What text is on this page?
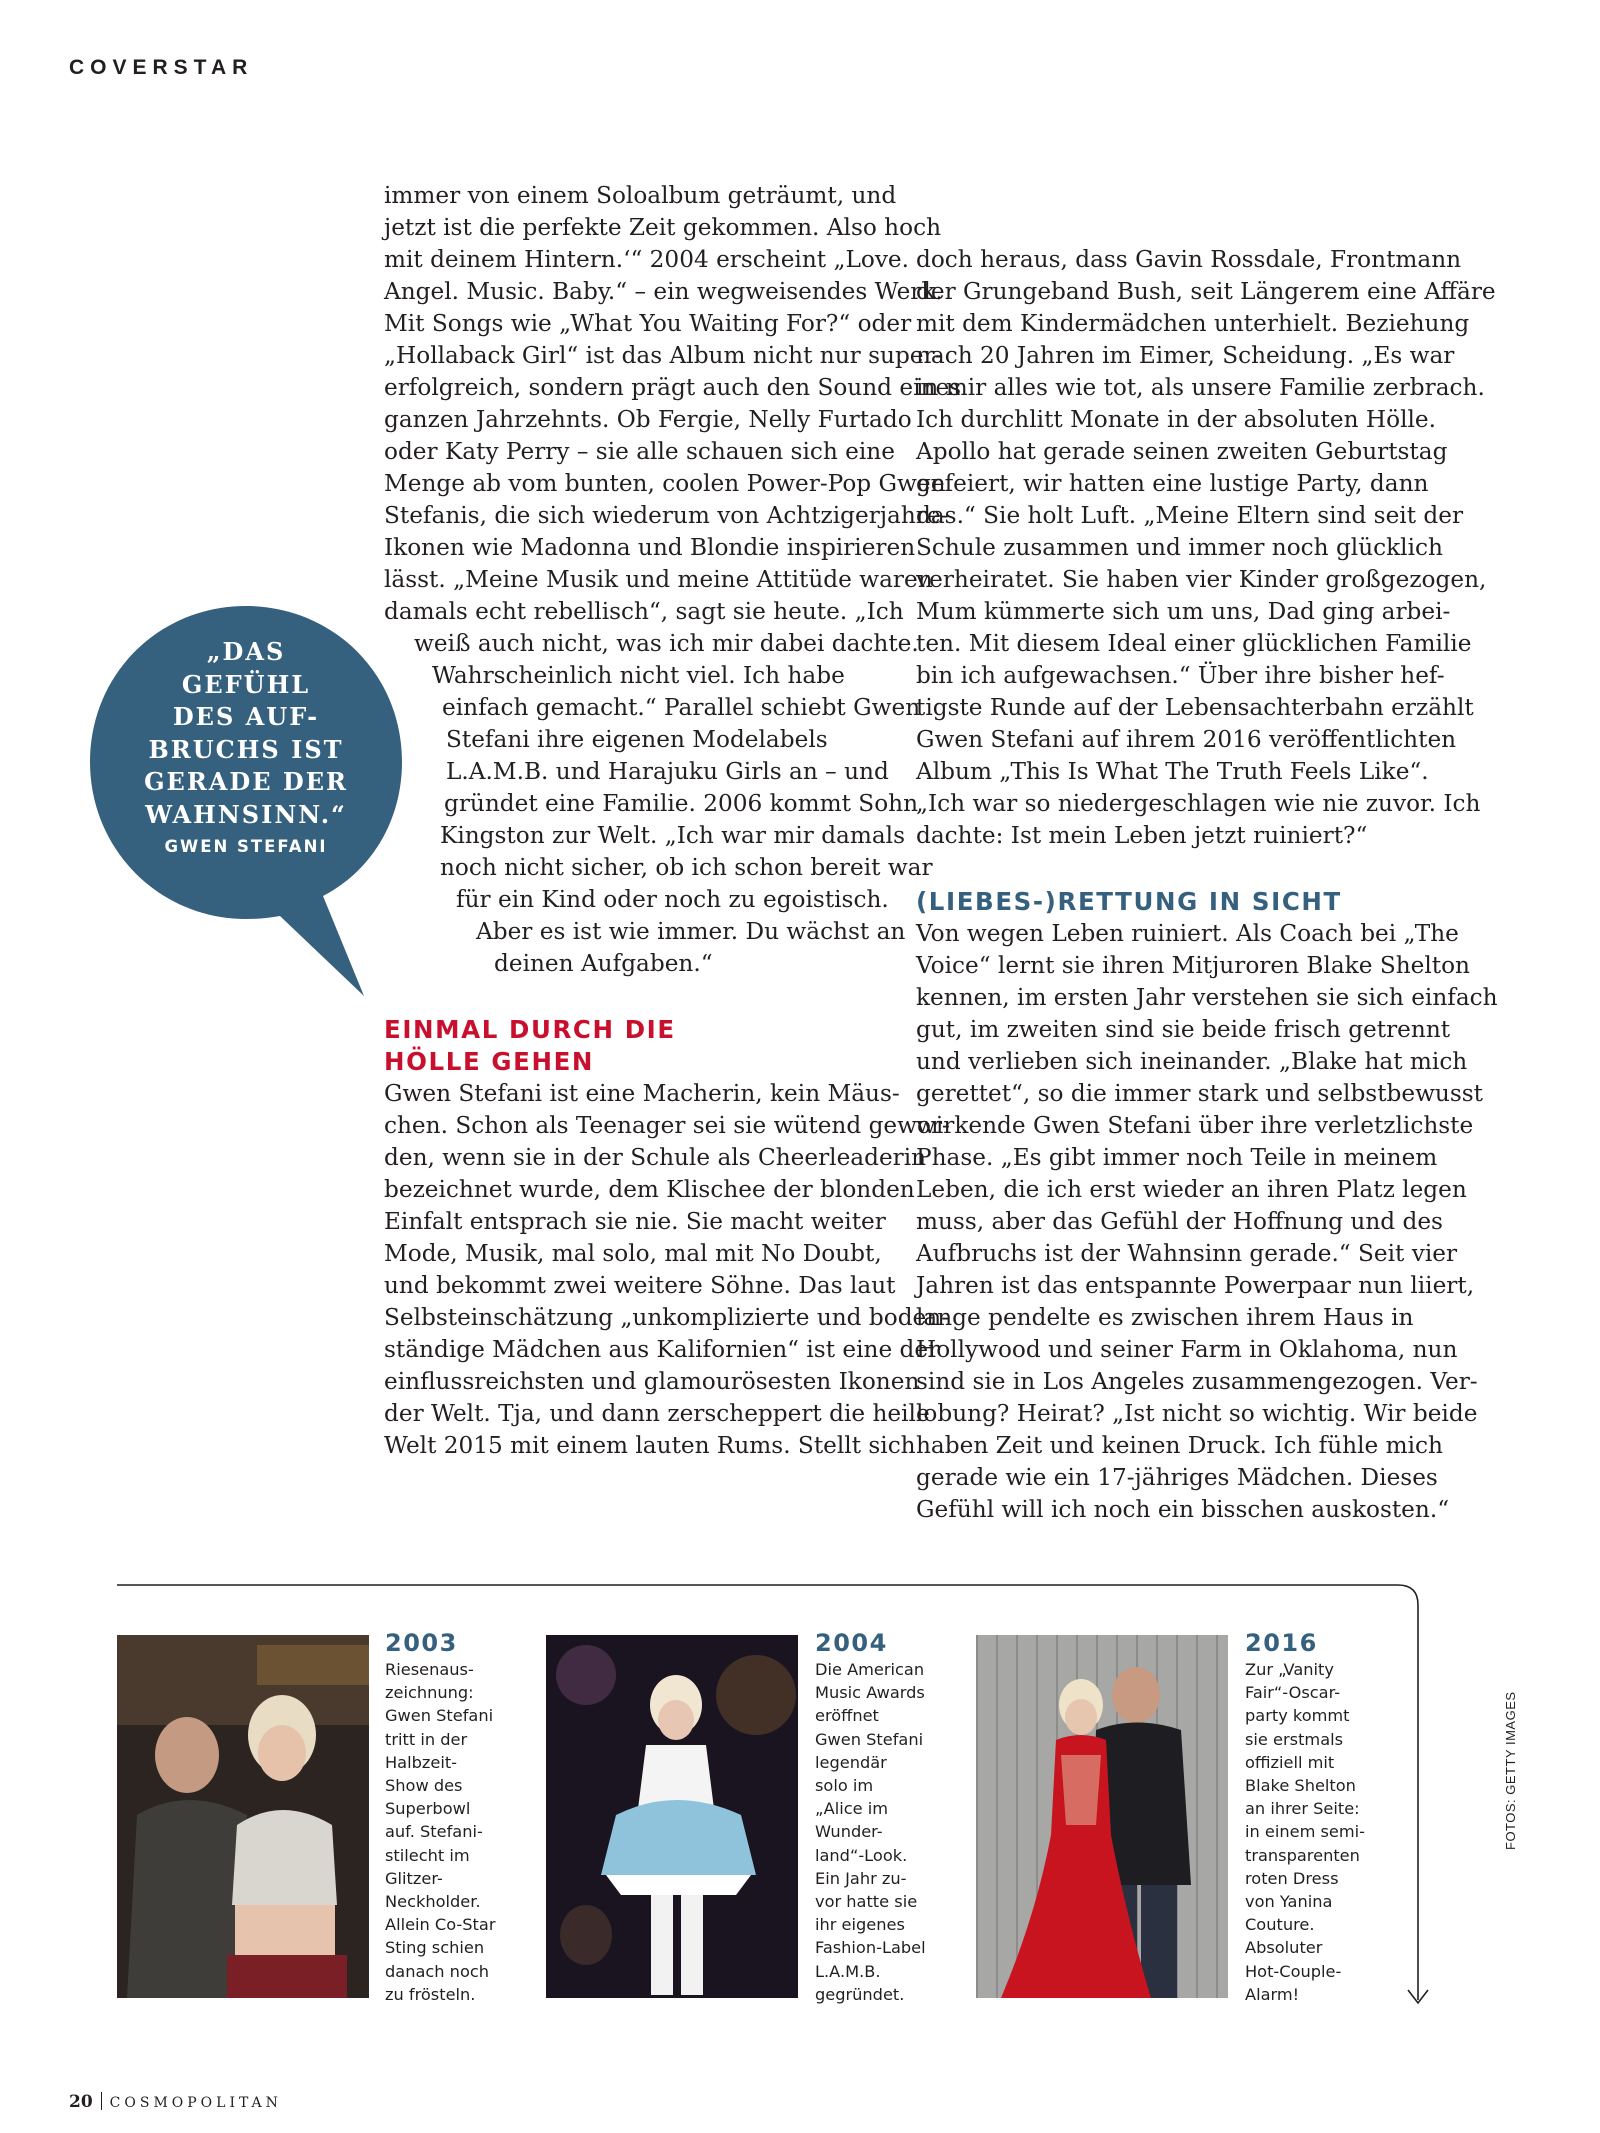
COVERSTAR

„DAS

GEFÜHL

DES AUF-

BRUCHS IST

GERADE DER

WAHNSINN.“

GWEN STEFANI

immer von einem Soloalbum geträumt, und

jetzt ist die perfekte Zeit gekommen. Also hoch

mit deinem Hintern.‘“ 2004 erscheint „Love.

Angel. Music. Baby.“ – ein wegweisendes Werk.

Mit Songs wie „What You Waiting For?“ oder

„Hollaback Girl“ ist das Album nicht nur super-

erfolgreich, sondern prägt auch den Sound eines

ganzen Jahrzehnts. Ob Fergie, Nelly Furtado

oder Katy Perry – sie alle schauen sich eine

Menge ab vom bunten, coolen Power-Pop Gwen

Stefanis, die sich wiederum von Achtzigerjahre-

Ikonen wie Madonna und Blondie inspirieren

lässt. „Meine Musik und meine Attitüde waren

damals echt rebellisch“, sagt sie heute. „Ich

weiß auch nicht, was ich mir dabei dachte.

Wahrscheinlich nicht viel. Ich habe

einfach gemacht.“ Parallel schiebt Gwen

Stefani ihre eigenen Modelabels

L.A.M.B. und Harajuku Girls an – und

gründet eine Familie. 2006 kommt Sohn

Kingston zur Welt. „Ich war mir damals

noch nicht sicher, ob ich schon bereit war

für ein Kind oder noch zu egoistisch.

Aber es ist wie immer. Du wächst an

deinen Aufgaben.“

EINMAL DURCH DIE
HÖLLE GEHEN

Gwen Stefani ist eine Macherin, kein Mäus-

chen. Schon als Teenager sei sie wütend gewor-

den, wenn sie in der Schule als Cheerleaderin

bezeichnet wurde, dem Klischee der blonden

Einfalt entsprach sie nie. Sie macht weiter

Mode, Musik, mal solo, mal mit No Doubt,

und bekommt zwei weitere Söhne. Das laut

Selbsteinschätzung „unkomplizierte und boden-

ständige Mädchen aus Kalifornien“ ist eine der

einflussreichsten und glamourösesten Ikonen

der Welt. Tja, und dann zerscheppert die heile

Welt 2015 mit einem lauten Rums. Stellt sich

doch heraus, dass Gavin Rossdale, Frontmann

der Grungeband Bush, seit Längerem eine Affäre

mit dem Kindermädchen unterhielt. Beziehung

nach 20 Jahren im Eimer, Scheidung. „Es war

in mir alles wie tot, als unsere Familie zerbrach.

Ich durchlitt Monate in der absoluten Hölle.

Apollo hat gerade seinen zweiten Geburtstag

gefeiert, wir hatten eine lustige Party, dann

das.“ Sie holt Luft. „Meine Eltern sind seit der

Schule zusammen und immer noch glücklich

verheiratet. Sie haben vier Kinder großgezogen,

Mum kümmerte sich um uns, Dad ging arbei-

ten. Mit diesem Ideal einer glücklichen Familie

bin ich aufgewachsen.“ Über ihre bisher hef-

tigste Runde auf der Lebensachterbahn erzählt

Gwen Stefani auf ihrem 2016 veröffentlichten

Album „This Is What The Truth Feels Like“.

„Ich war so niedergeschlagen wie nie zuvor. Ich

dachte: Ist mein Leben jetzt ruiniert?“

(LIEBES-)RETTUNG IN SICHT

Von wegen Leben ruiniert. Als Coach bei „The

Voice“ lernt sie ihren Mitjuroren Blake Shelton

kennen, im ersten Jahr verstehen sie sich einfach

gut, im zweiten sind sie beide frisch getrennt

und verlieben sich ineinander. „Blake hat mich

gerettet“, so die immer stark und selbstbewusst

wirkende Gwen Stefani über ihre verletzlichste

Phase. „Es gibt immer noch Teile in meinem

Leben, die ich erst wieder an ihren Platz legen

muss, aber das Gefühl der Hoffnung und des

Aufbruchs ist der Wahnsinn gerade.“ Seit vier

Jahren ist das entspannte Powerpaar nun liiert,

lange pendelte es zwischen ihrem Haus in

Hollywood und seiner Farm in Oklahoma, nun

sind sie in Los Angeles zusammengezogen. Ver-

lobung? Heirat? „Ist nicht so wichtig. Wir beide

haben Zeit und keinen Druck. Ich fühle mich

gerade wie ein 17-jähriges Mädchen. Dieses

Gefühl will ich noch ein bisschen auskosten.“

2003

Riesenaus-

zeichnung:

Gwen Stefani

tritt in der

Halbzeit-

Show des

Superbowl

auf. Stefani-

stilecht im

Glitzer-

Neckholder.

Allein Co-Star

Sting schien

danach noch

zu frösteln.

2004

Die American

Music Awards

eröffnet

Gwen Stefani

legendär

solo im

„Alice im

Wunder-

land“-Look.

Ein Jahr zu-

vor hatte sie

ihr eigenes

Fashion-Label

L.A.M.B.

gegründet.

2016

Zur „Vanity

Fair“-Oscar-

party kommt

sie erstmals

offiziell mit

Blake Shelton

an ihrer Seite:

in einem semi-

transparenten

roten Dress

von Yanina

Couture.

Absoluter

Hot-Couple-

Alarm!

FOTOS: GETTY IMAGES
20 COSMOPOLITAN
